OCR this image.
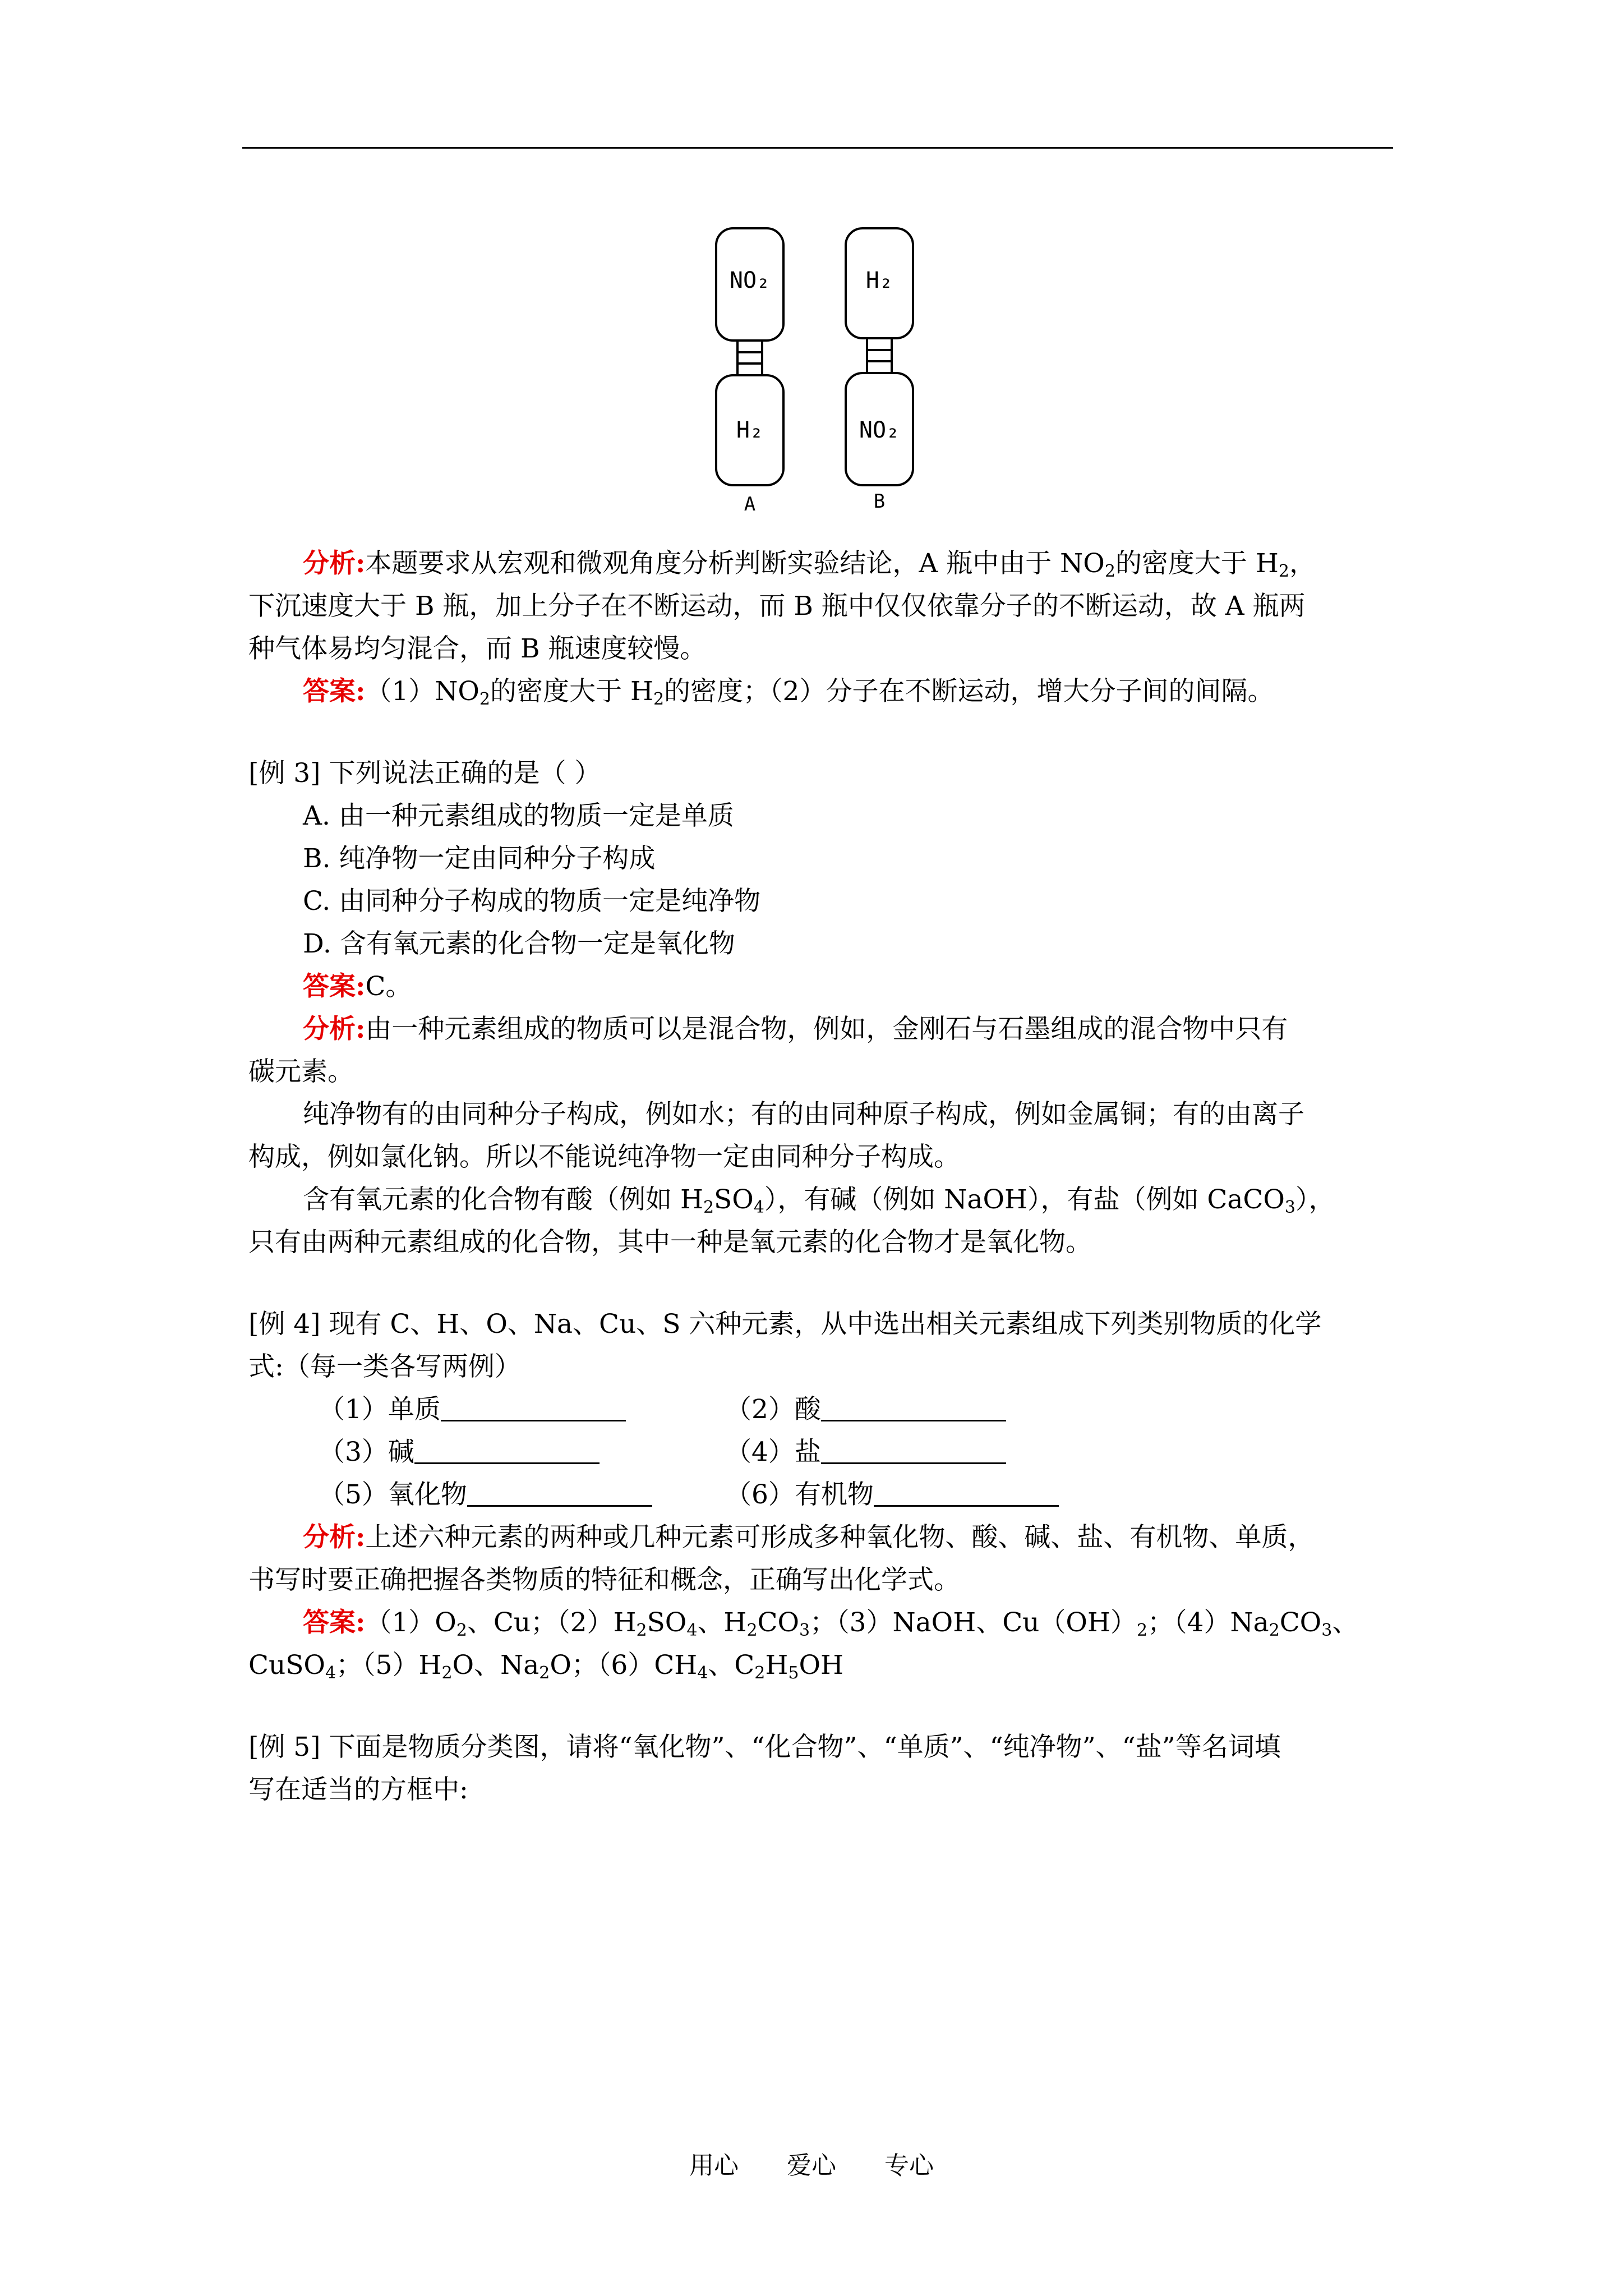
NO₂
H₂
H₂
NO₂
A	B
分析:本题要求从宏观和微观角度分析判断实验结论，A 瓶中由于 $NO_2$的密度大于 $H_2$，
下沉速度大于 B 瓶，加上分子在不断运动，而 B 瓶中仅仅依靠分子的不断运动，故 A 瓶两
种气体易均匀混合，而 B 瓶速度较慢。
答案$:(1)NO_2$的密度大于 $H_2$的密度；（2）分子在不断运动，增大分子间的间隔。
[例 3] 下列说法正确的是（ ）
A. 由一种元素组成的物质一定是单质
B. 纯净物一定由同种分子构成
C. 由同种分子构成的物质一定是纯净物
D. 含有氧元素的化合物一定是氧化物
答案:C。
分析:由一种元素组成的物质可以是混合物，例如，金刚石与石墨组成的混合物中只有
碳元素。
纯净物有的由同种分子构成，例如水；有的由同种原子构成，例如金属铜；有的由离子
构成，例如氯化钠。所以不能说纯净物一定由同种分子构成。
含有氧元素的化合物有酸（例如 $H_2SO_4$），有碱（例如 NaOH），有盐（例如 CaCO$_3$），
只有由两种元素组成的化合物，其中一种是氧元素的化合物才是氧化物。
[例 4] 现有 C、H、O、Na、Cu、S 六种元素，从中选出相关元素组成下列类别物质的化学
式:（每一类各写两例）
（1）单质	（2）酸
（3）碱	（4）盐
（5）氧化物	（6）有机物
分析:上述六种元素的两种或几种元素可形成多种氧化物、酸、碱、盐、有机物、单质，
书写时要正确把握各类物质的特征和概念，正确写出化学式。
答案$:(1)O_2$、Cu；$(2)H_2SO_4$、$H_2CO_3$；（3）NaOH、$Cu(OH)_2$；$(4)Na_2CO_3$、
CuSO$_4$；$(5)H_2O$、$Na_2O$；$(6)CH_4$、$C_2H_5OH$
[例 5] 下面是物质分类图，请将“氧化物”、“化合物”、“单质”、“纯净物”、“盐”等名词填
写在适当的方框中:
用心 爱心 专心
